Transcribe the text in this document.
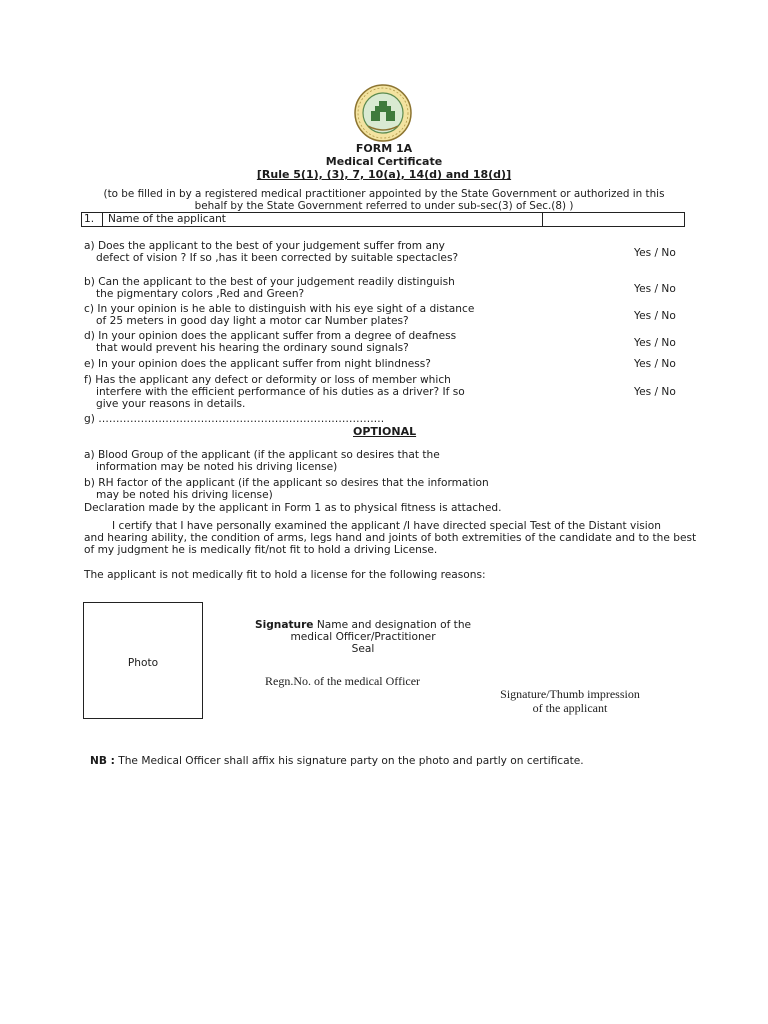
FORM 1A
Medical Certificate
[Rule 5(1), (3), 7, 10(a), 14(d) and 18(d)]
(to be filled in by a registered medical practitioner appointed by the State Government or authorized in this
behalf by the State Government referred to under sub-sec(3) of Sec.(8) )
1.	Name of the applicant
a) Does the applicant to the best of your judgement suffer from any
defect of vision ? If so ,has it been corrected by suitable spectacles?	Yes / No
b) Can the applicant to the best of your judgement readily distinguish
the pigmentary colors ,Red and Green?	Yes / No
c) In your opinion is he able to distinguish with his eye sight of a distance
of 25 meters in good day light a motor car Number plates?	Yes / No
d) In your opinion does the applicant suffer from a degree of deafness
that would prevent his hearing the ordinary sound signals?	Yes / No
e) In your opinion does the applicant suffer from night blindness?	Yes / No
f) Has the applicant any defect or deformity or loss of member which
interfere with the efficient performance of his duties as a driver? If so
give your reasons in details.
Yes / No
g) ………………………………………………………………………
OPTIONAL
a) Blood Group of the applicant (if the applicant so desires that the
information may be noted his driving license)
b) RH factor of the applicant (if the applicant so desires that the information
may be noted his driving license)
Declaration made by the applicant in Form 1 as to physical fitness is attached.
I certify that I have personally examined the applicant /I have directed special Test of the Distant vision
and hearing ability, the condition of arms, legs hand and joints of both extremities of the candidate and to the best
of my judgment he is medically fit/not fit to hold a driving License.
The applicant is not medically fit to hold a license for the following reasons:
Photo
Signature Name and designation of the
medical Officer/Practitioner
Seal
Regn.No. of the medical Officer
Signature/Thumb impression
of the applicant
NB : The Medical Officer shall affix his signature party on the photo and partly on certificate.
